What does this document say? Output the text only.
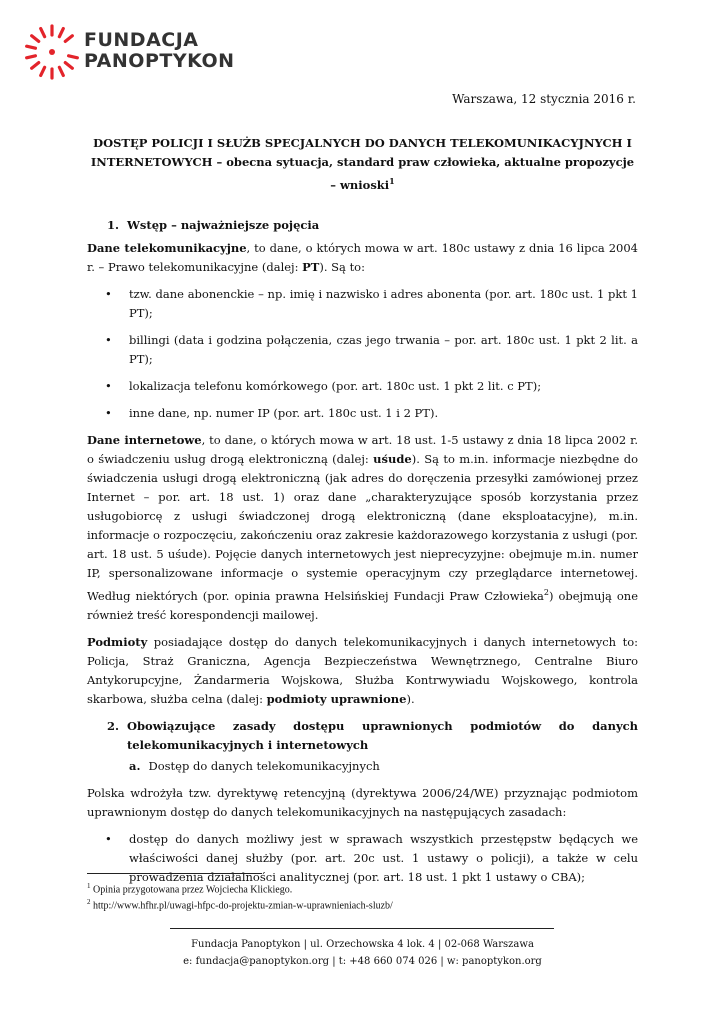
FUNDACJA
PANOPTYKON
Warszawa, 12 stycznia 2016 r.
DOSTĘP POLICJI I SŁUŻB SPECJALNYCH DO DANYCH TELEKOMUNIKACYJNYCH I INTERNETOWYCH – obecna sytuacja, standard praw człowieka, aktualne propozycje – wnioski$^1$
1. Wstęp – najważniejsze pojęcia
Dane telekomunikacyjne, to dane, o których mowa w art. 180c ustawy z dnia 16 lipca 2004 r. – Prawo telekomunikacyjne (dalej: PT). Są to:
• tzw. dane abonenckie – np. imię i nazwisko i adres abonenta (por. art. 180c ust. 1 pkt 1 PT);
• billingi (data i godzina połączenia, czas jego trwania – por. art. 180c ust. 1 pkt 2 lit. a PT);
• lokalizacja telefonu komórkowego (por. art. 180c ust. 1 pkt 2 lit. c PT);
• inne dane, np. numer IP (por. art. 180c ust. 1 i 2 PT).
Dane internetowe, to dane, o których mowa w art. 18 ust. 1-5 ustawy z dnia 18 lipca 2002 r. o świadczeniu usług drogą elektroniczną (dalej: uśude). Są to m.in. informacje niezbędne do świadczenia usługi drogą elektroniczną (jak adres do doręczenia przesyłki zamówionej przez Internet – por. art. 18 ust. 1) oraz dane „charakteryzujące sposób korzystania przez usługobiorcę z usługi świadczonej drogą elektroniczną (dane eksploatacyjne), m.in. informacje o rozpoczęciu, zakończeniu oraz zakresie każdorazowego korzystania z usługi (por. art. 18 ust. 5 uśude). Pojęcie danych internetowych jest nieprecyzyjne: obejmuje m.in. numer IP, spersonalizowane informacje o systemie operacyjnym czy przeglądarce internetowej. Według niektórych (por. opinia prawna Helsińskiej Fundacji Praw Człowieka$^2$) obejmują one również treść korespondencji mailowej.
Podmioty posiadające dostęp do danych telekomunikacyjnych i danych internetowych to: Policja, Straż Graniczna, Agencja Bezpieczeństwa Wewnętrznego, Centralne Biuro Antykorupcyjne, Żandarmeria Wojskowa, Służba Kontrwywiadu Wojskowego, kontrola skarbowa, służba celna (dalej: podmioty uprawnione).
2. Obowiązujące zasady dostępu uprawnionych podmiotów do danych telekomunikacyjnych i internetowych
a. Dostęp do danych telekomunikacyjnych
Polska wdrożyła tzw. dyrektywę retencyjną (dyrektywa 2006/24/WE) przyznając podmiotom uprawnionym dostęp do danych telekomunikacyjnych na następujących zasadach:
• dostęp do danych możliwy jest w sprawach wszystkich przestępstw będących we właściwości danej służby (por. art. 20c ust. 1 ustawy o policji), a także w celu prowadzenia działalności analitycznej (por. art. 18 ust. 1 pkt 1 ustawy o CBA);
$^1$ Opinia przygotowana przez Wojciecha Klickiego.
$^2$ http://www.hfhr.pl/uwagi-hfpc-do-projektu-zmian-w-uprawnieniach-sluzb/
Fundacja Panoptykon | ul. Orzechowska 4 lok. 4 | 02-068 Warszawa
e: fundacja@panoptykon.org | t: +48 660 074 026 | w: panoptykon.org
